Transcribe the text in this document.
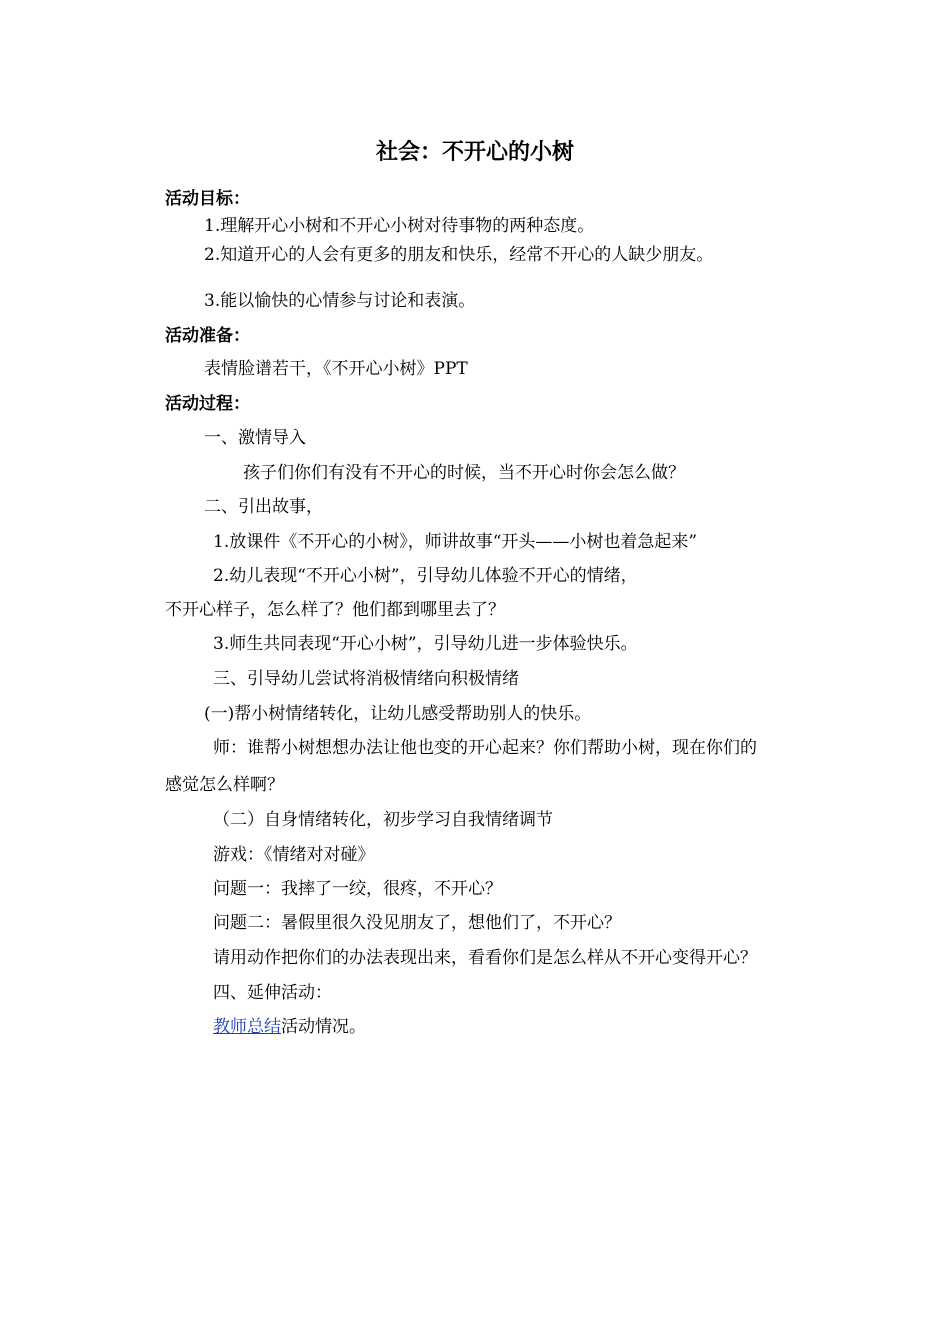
社会：不开心的小树
活动目标：
1.理解开心小树和不开心小树对待事物的两种态度。
2.知道开心的人会有更多的朋友和快乐，经常不开心的人缺少朋友。
3.能以愉快的心情参与讨论和表演。
活动准备：
表情脸谱若干，《不开心小树》PPT
活动过程：
一、激情导入
孩子们你们有没有不开心的时候，当不开心时你会怎么做？
二、引出故事，
1.放课件《不开心的小树》，师讲故事“开头——小树也着急起来”
2.幼儿表现“不开心小树”，引导幼儿体验不开心的情绪，
不开心样子，怎么样了？他们都到哪里去了？
3.师生共同表现“开心小树”，引导幼儿进一步体验快乐。
三、引导幼儿尝试将消极情绪向积极情绪
(一)帮小树情绪转化，让幼儿感受帮助别人的快乐。
师：谁帮小树想想办法让他也变的开心起来？你们帮助小树，现在你们的
感觉怎么样啊？
（二）自身情绪转化，初步学习自我情绪调节
游戏：《情绪对对碰》
问题一：我摔了一绞，很疼，不开心？
问题二：暑假里很久没见朋友了，想他们了，不开心？
请用动作把你们的办法表现出来，看看你们是怎么样从不开心变得开心？
四、延伸活动：
教师总结活动情况。
